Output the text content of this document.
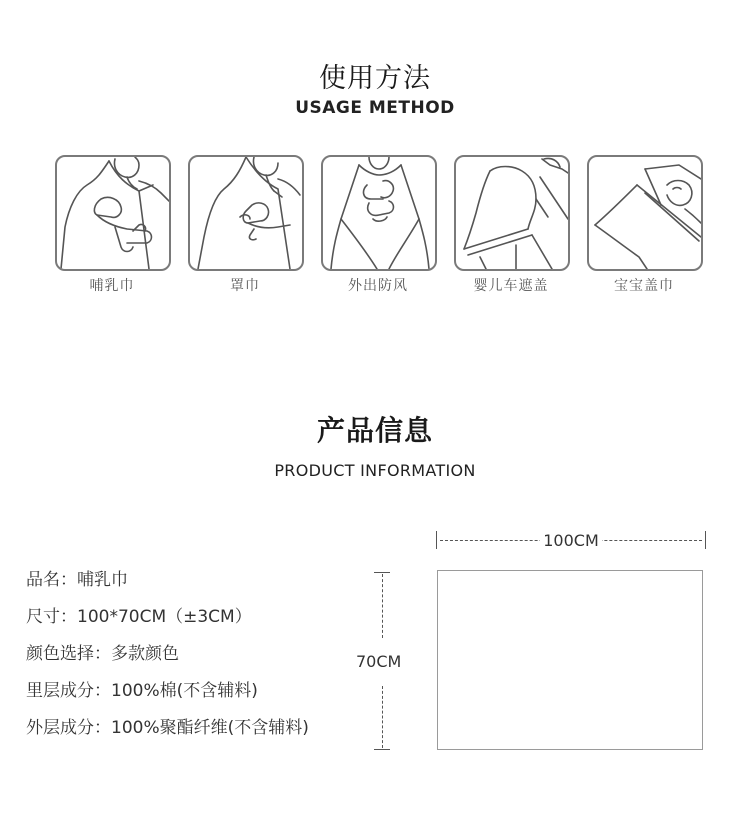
使用方法
USAGE METHOD
哺乳巾	罩巾	外出防风	婴儿车遮盖	宝宝盖巾
产品信息
PRODUCT INFORMATION
品名：哺乳巾
尺寸：100*70CM（±3CM）
颜色选择：多款颜色
里层成分：100%棉(不含辅料)
外层成分：100%聚酯纤维(不含辅料)
100CM
70CM
